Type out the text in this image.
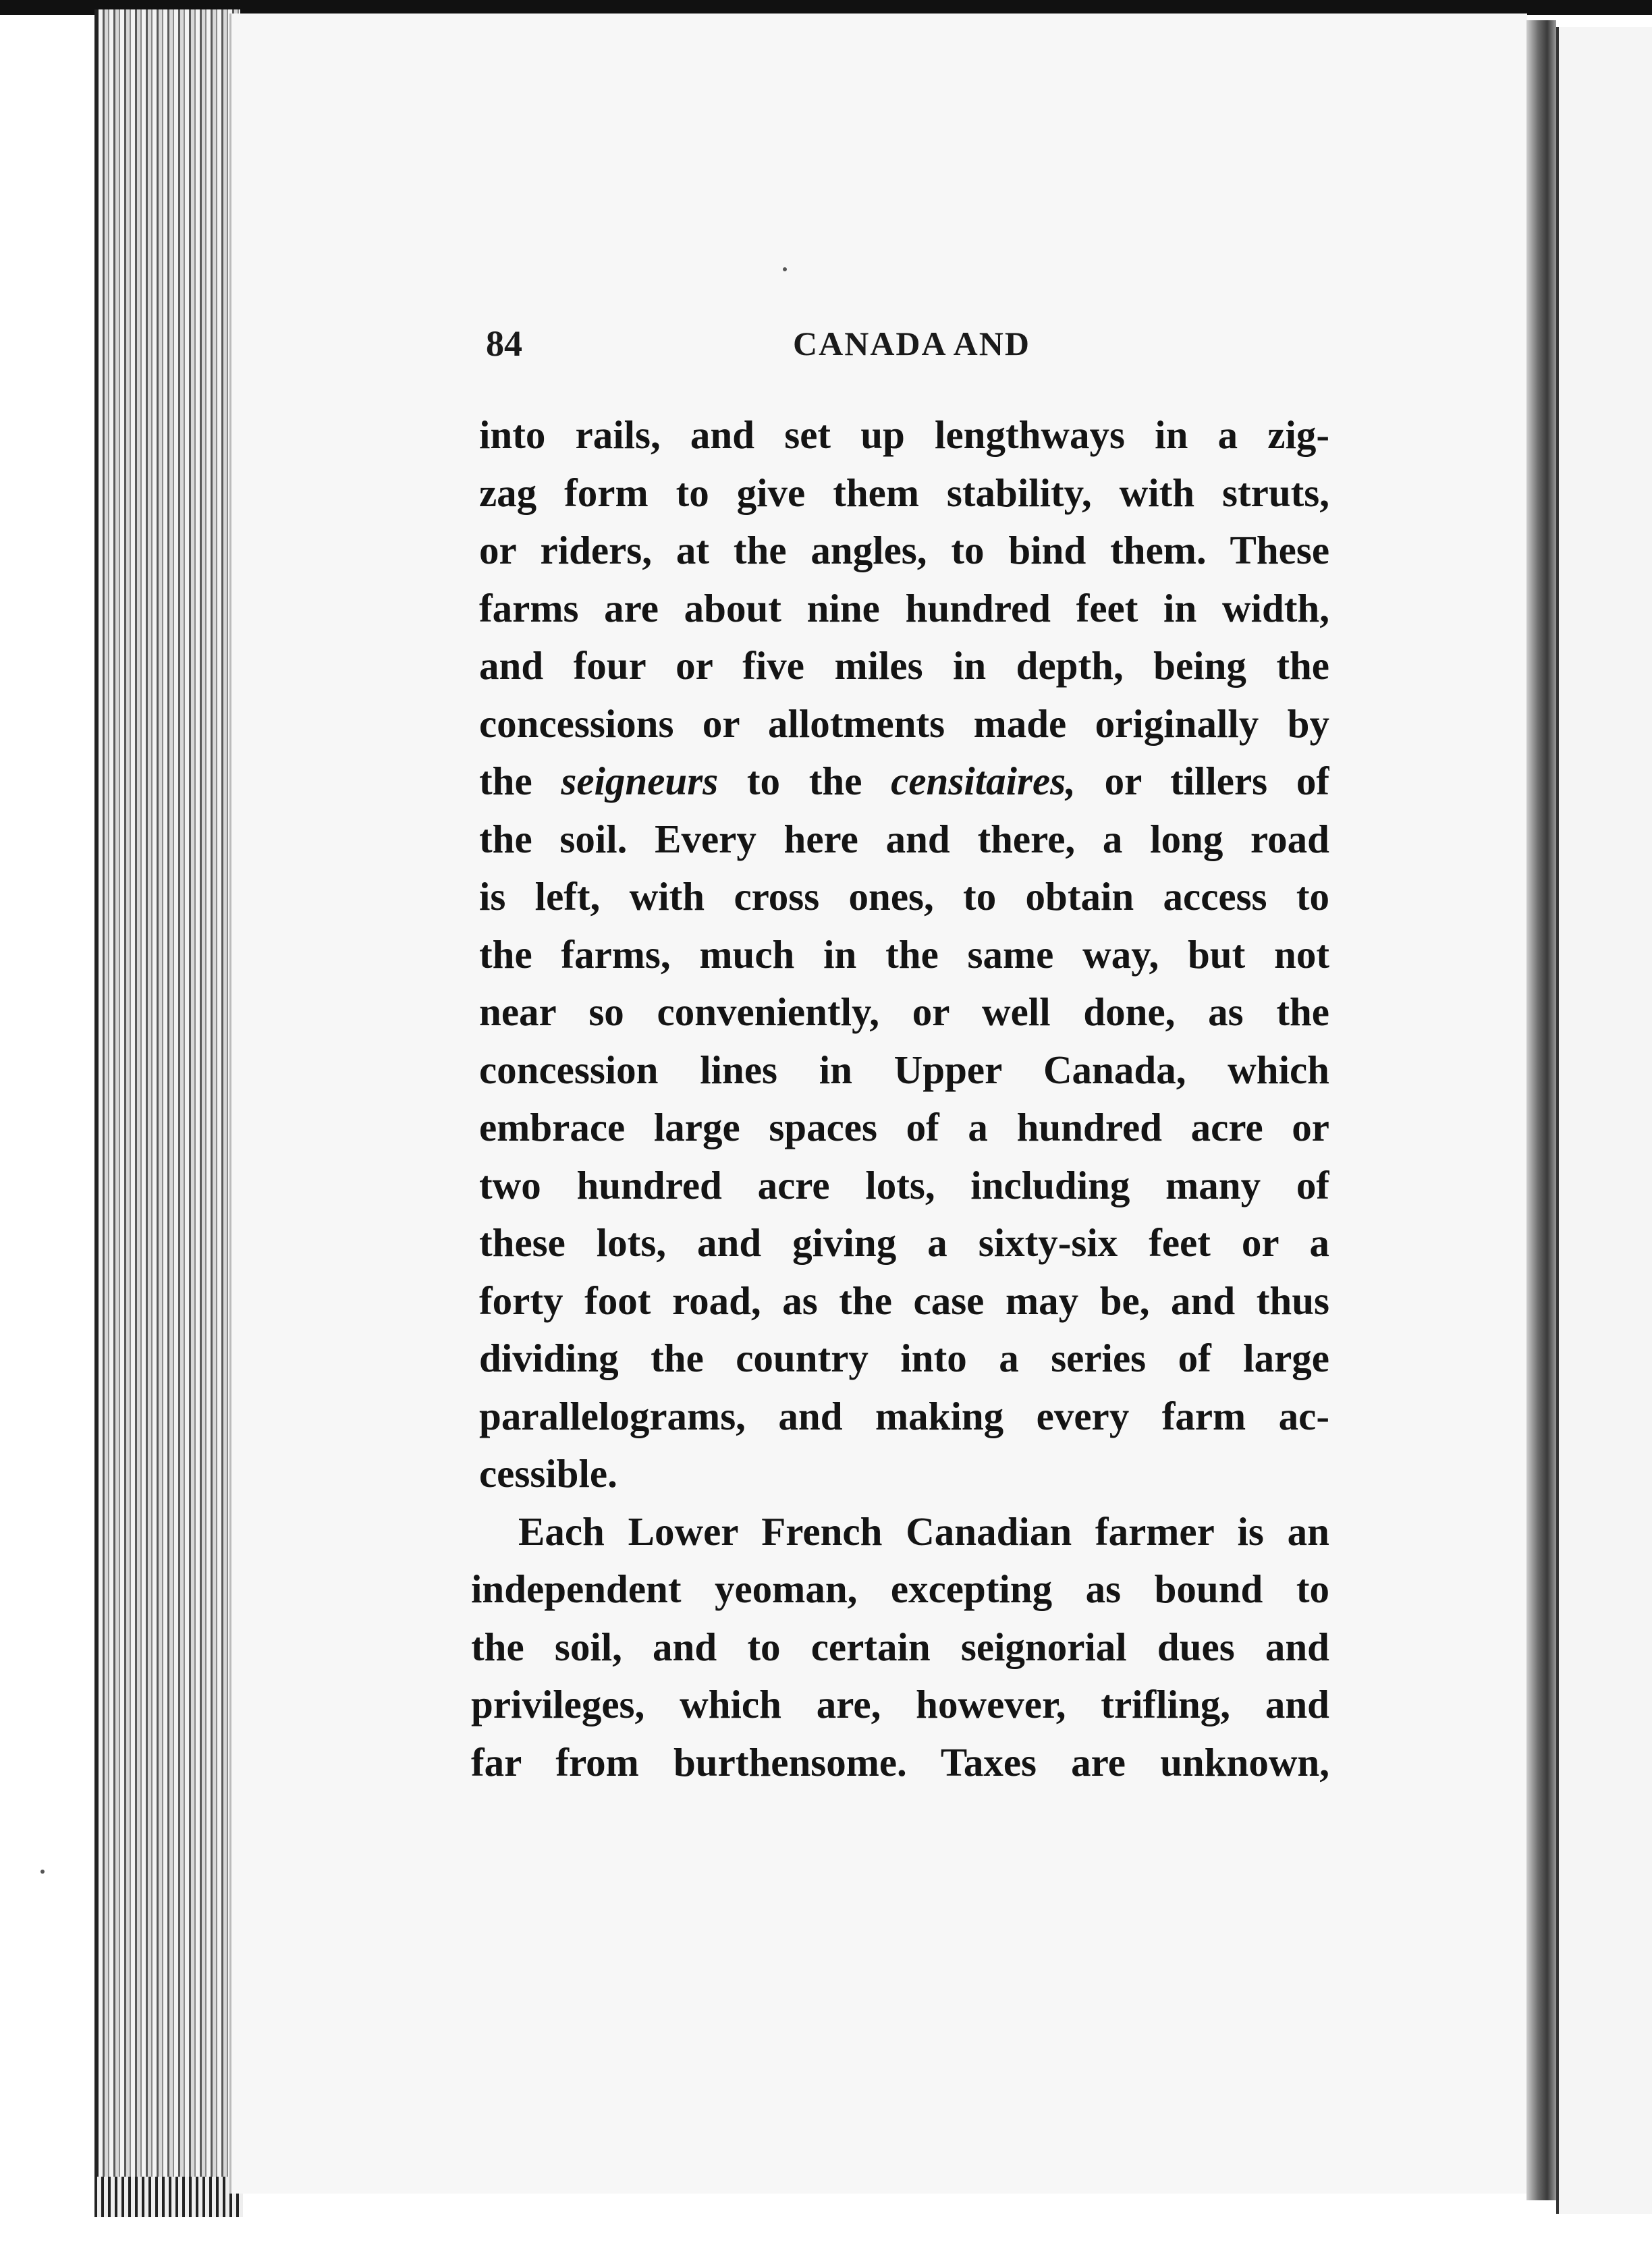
84	CANADA AND
into rails, and set up lengthways in a zig-
zag form to give them stability, with struts,
or riders, at the angles, to bind them. These
farms are about nine hundred feet in width,
and four or five miles in depth, being the
concessions or allotments made originally by
the seigneurs to the censitaires, or tillers of
the soil. Every here and there, a long road
is left, with cross ones, to obtain access to
the farms, much in the same way, but not
near so conveniently, or well done, as the
concession lines in Upper Canada, which
embrace large spaces of a hundred acre or
two hundred acre lots, including many of
these lots, and giving a sixty-six feet or a
forty foot road, as the case may be, and thus
dividing the country into a series of large
parallelograms, and making every farm ac-
cessible.
Each Lower French Canadian farmer is an
independent yeoman, excepting as bound to
the soil, and to certain seignorial dues and
privileges, which are, however, trifling, and
far from burthensome. Taxes are unknown,
